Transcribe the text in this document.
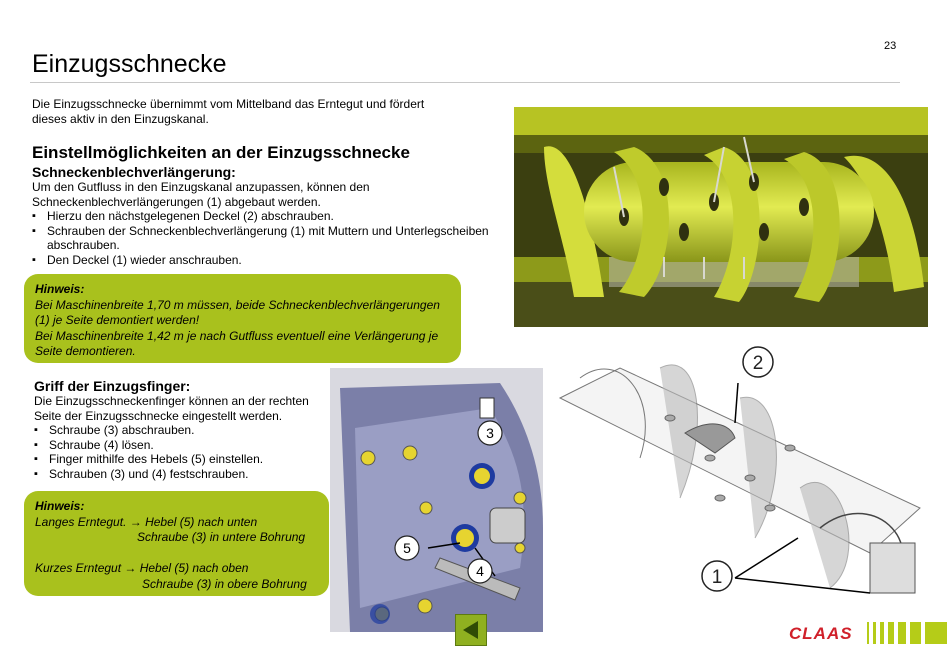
23
Einzugsschnecke
Die Einzugsschnecke übernimmt vom Mittelband das Erntegut und fördert
dieses aktiv in den Einzugskanal.
Einstellmöglichkeiten an der Einzugsschnecke
Schneckenblechverlängerung:
Um den Gutfluss in den Einzugskanal anzupassen, können den
Schneckenblechverlängerungen (1) abgebaut werden.
▪ Hierzu den nächstgelegenen Deckel (2) abschrauben.
▪ Schrauben der Schneckenblechverlängerung (1) mit Muttern und Unterlegscheiben abschrauben.
▪ Den Deckel (1) wieder anschrauben.
Hinweis:
Bei Maschinenbreite 1,70 m müssen, beide Schneckenblechverlängerungen
(1) je Seite demontiert werden!
Bei Maschinenbreite 1,42 m je nach Gutfluss eventuell eine Verlängerung je
Seite demontieren.
Griff der Einzugsfinger:
Die Einzugsschneckenfinger können an der rechten
Seite der Einzugsschnecke eingestellt werden.
▪ Schraube (3) abschrauben.
▪ Schraube (4) lösen.
▪ Finger mithilfe des Hebels (5) einstellen.
▪ Schrauben (3) und (4) festschrauben.
Hinweis:
Langes Erntegut. → Hebel (5) nach unten
Schraube (3) in untere Bohrung
Kurzes Erntegut → Hebel (5) nach oben
Schraube (3) in obere Bohrung
2
1
3
4
5
CLAAS
